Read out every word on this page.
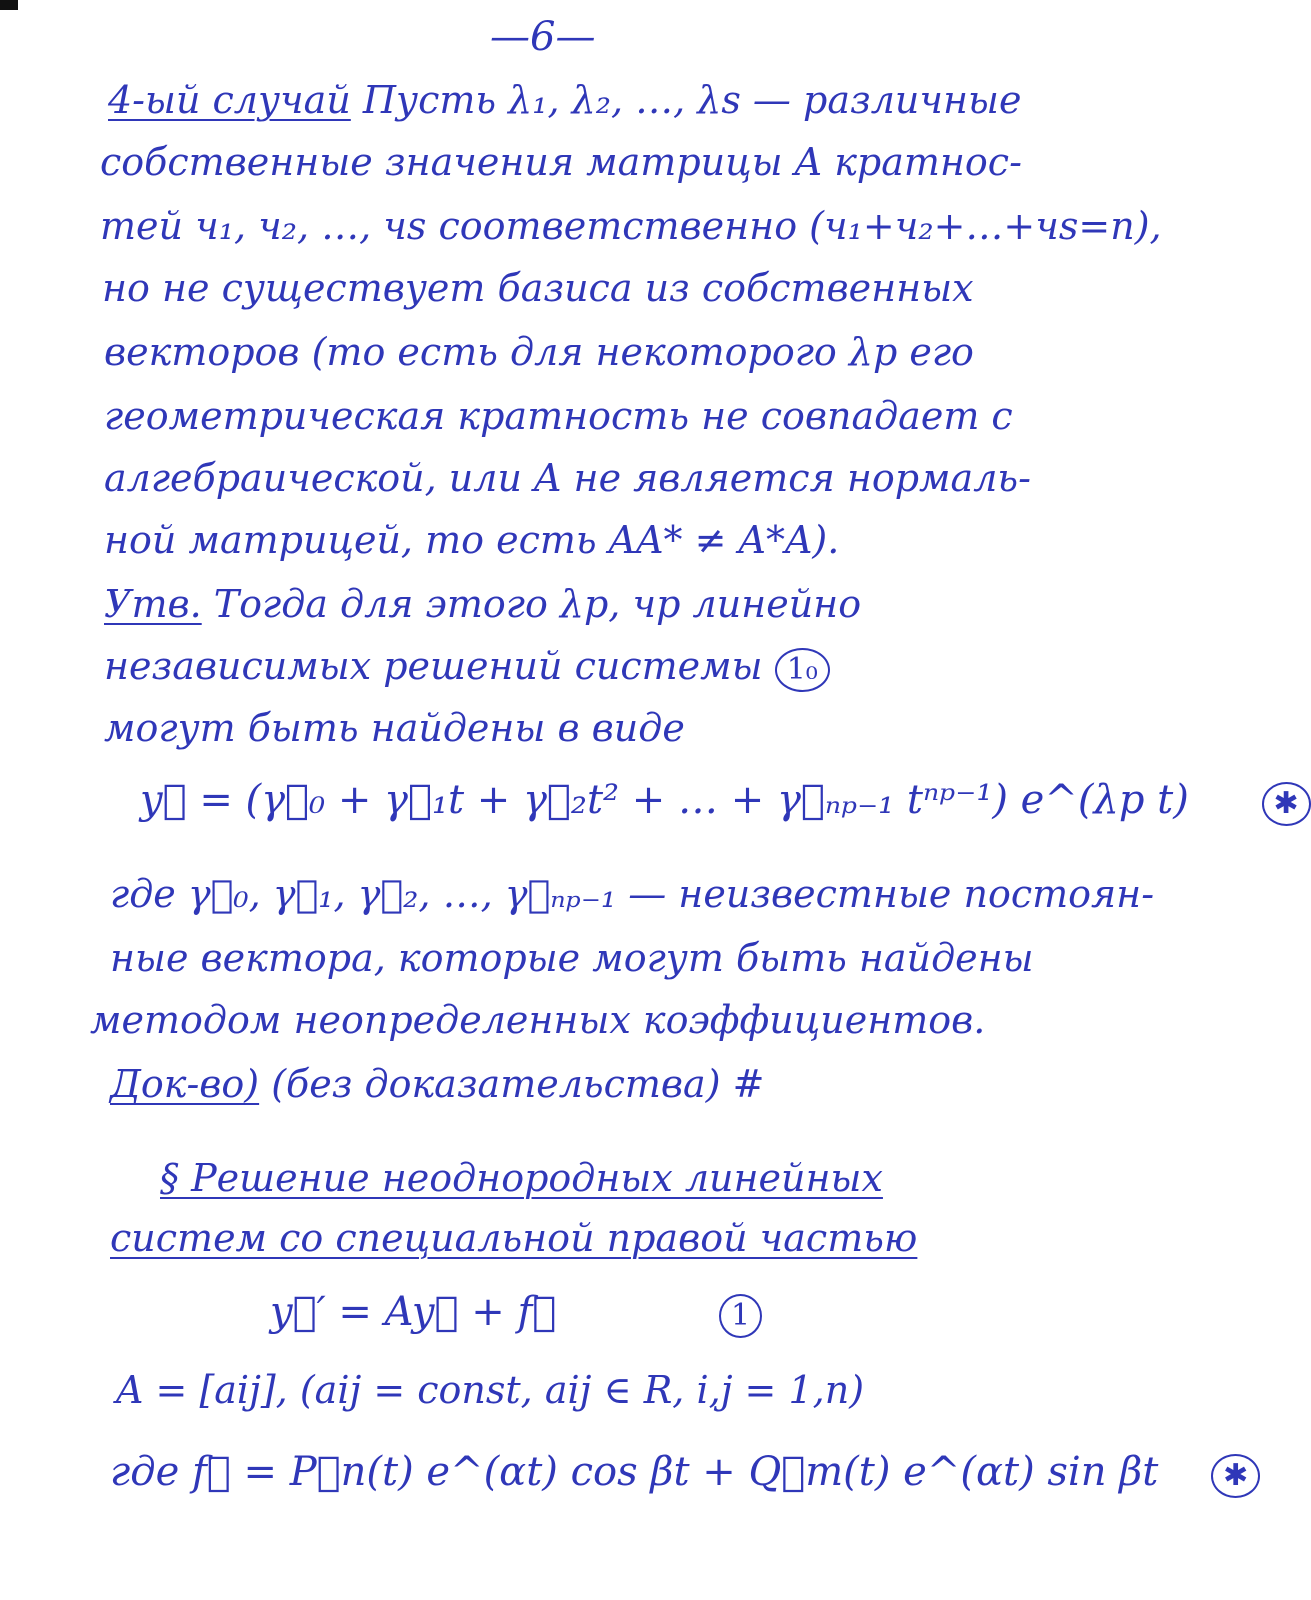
—6—
4-ый случай Пусть λ₁, λ₂, …, λs — различные
собственные значения матрицы A кратнос-
тей ч₁, ч₂, …, чs соответственно (ч₁+ч₂+…+чs=n),
но не существует базиса из собственных
векторов (то есть для некоторого λp его
геометрическая кратность не совпадает с
алгебраической, или A не является нормаль-
ной матрицей, то есть AA* ≠ A*A).
Утв. Тогда для этого λp, чp линейно
независимых решений системы 1₀
могут быть найдены в виде
y⃗ = (γ⃗₀ + γ⃗₁t + γ⃗₂t² + … + γ⃗ₙₚ₋₁ tⁿᵖ⁻¹) e^(λp t)	✱
где γ⃗₀, γ⃗₁, γ⃗₂, …, γ⃗ₙₚ₋₁ — неизвестные постоян-
ные вектора, которые могут быть найдены
методом неопределенных коэффициентов.
Док-во) (без доказательства) #
§ Решение неоднородных линейных
систем со специальной правой частью
y⃗′ = Ay⃗ + f⃗	1
A = [aij], (aij = const, aij ∈ R, i,j = 1,n)
где f⃗ = P⃗n(t) e^(αt) cos βt + Q⃗m(t) e^(αt) sin βt ✱
